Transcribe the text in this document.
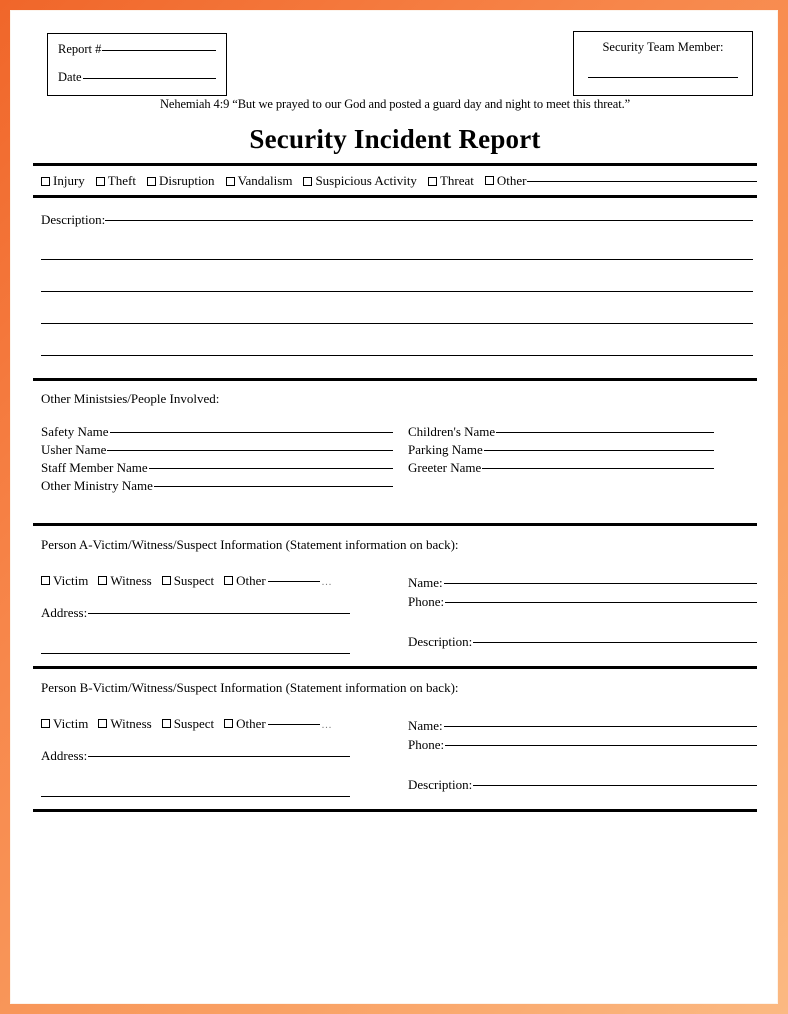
Report #
Date
Security Team Member:
Nehemiah 4:9 “But we prayed to our God and posted a guard day and night to meet this threat.”
Security Incident Report
Injury Theft Disruption Vandalism Suspicious Activity Threat Other
Description:
Other Ministsies/People Involved:
Safety Name
Usher Name
Staff Member Name
Other Ministry Name
Children's Name
Parking Name
Greeter Name
Person A-Victim/Witness/Suspect Information (Statement information on back):
Victim Witness Suspect Other	...
Address:
Name:
Phone:
Description:
Person B-Victim/Witness/Suspect Information (Statement information on back):
Victim Witness Suspect Other	...
Address:
Name:
Phone:
Description:
